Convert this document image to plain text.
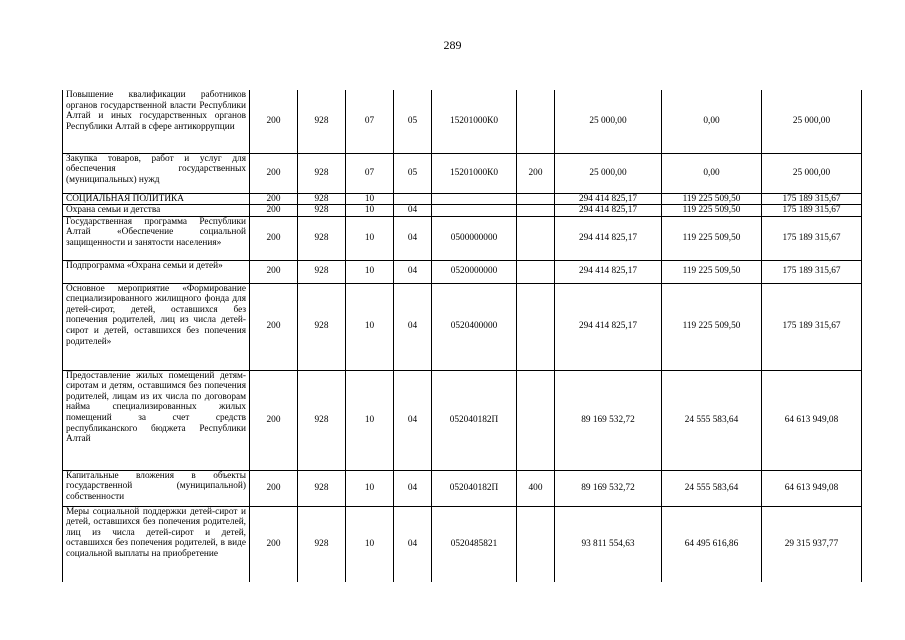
289
Повышение квалификации работников органов государственной власти Республики Алтай и иных государственных органов Республики Алтай в сфере антикоррупции	200	928	07	05	15201000К0		25 000,00	0,00	25 000,00
Закупка товаров, работ и услуг для обеспечения государственных (муниципальных) нужд	200	928	07	05	15201000К0	200	25 000,00	0,00	25 000,00
СОЦИАЛЬНАЯ ПОЛИТИКА	200	928	10				294 414 825,17	119 225 509,50	175 189 315,67
Охрана семьи и детства	200	928	10	04			294 414 825,17	119 225 509,50	175 189 315,67
Государственная программа Республики Алтай «Обеспечение социальной защищенности и занятости населения»	200	928	10	04	0500000000		294 414 825,17	119 225 509,50	175 189 315,67
Подпрограмма «Охрана семьи и детей»	200	928	10	04	0520000000		294 414 825,17	119 225 509,50	175 189 315,67
Основное мероприятие «Формирование специализированного жилищного фонда для детей-сирот, детей, оставшихся без попечения родителей, лиц из числа детей-сирот и детей, оставшихся без попечения родителей»	200	928	10	04	0520400000		294 414 825,17	119 225 509,50	175 189 315,67
Предоставление жилых помещений детям-сиротам и детям, оставшимся без попечения родителей, лицам из их числа по договорам найма специализированных жилых помещений за счет средств республиканского бюджета Республики Алтай	200	928	10	04	052040182П		89 169 532,72	24 555 583,64	64 613 949,08
Капитальные вложения в объекты государственной (муниципальной) собственности	200	928	10	04	052040182П	400	89 169 532,72	24 555 583,64	64 613 949,08
Меры социальной поддержки детей-сирот и детей, оставшихся без попечения родителей, лиц из числа детей-сирот и детей, оставшихся без попечения родителей, в виде социальной выплаты на приобретение	200	928	10	04	0520485821		93 811 554,63	64 495 616,86	29 315 937,77
